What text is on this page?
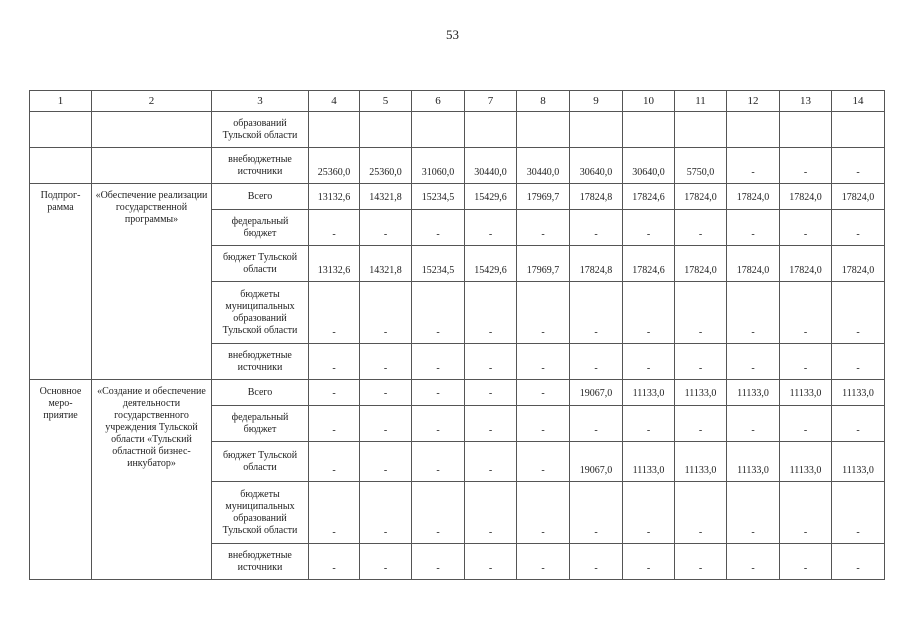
53
1	2	3	4	5	6	7	8	9	10	11	12	13	14
		образований Тульской области											
		внебюджетные источники	25360,0	25360,0	31060,0	30440,0	30440,0	30640,0	30640,0	5750,0	-	-	-
Подпрог-
рамма	«Обеспечение реализации государственной программы»	Всего	13132,6	14321,8	15234,5	15429,6	17969,7	17824,8	17824,6	17824,0	17824,0	17824,0	17824,0
		федеральный бюджет	-	-	-	-	-	-	-	-	-	-	-
		бюджет Тульской области	13132,6	14321,8	15234,5	15429,6	17969,7	17824,8	17824,6	17824,0	17824,0	17824,0	17824,0
		бюджеты муниципальных образований Тульской области	-	-	-	-	-	-	-	-	-	-	-
		внебюджетные источники	-	-	-	-	-	-	-	-	-	-	-
Основное
меро-
приятие	«Создание и обеспечение деятельности государственного учреждения Тульской области «Тульский областной бизнес-инкубатор»	Всего	-	-	-	-	-	19067,0	11133,0	11133,0	11133,0	11133,0	11133,0
		федеральный бюджет	-	-	-	-	-	-	-	-	-	-	-
		бюджет Тульской области	-	-	-	-	-	19067,0	11133,0	11133,0	11133,0	11133,0	11133,0
		бюджеты муниципальных образований Тульской области	-	-	-	-	-	-	-	-	-	-	-
		внебюджетные источники	-	-	-	-	-	-	-	-	-	-	-
